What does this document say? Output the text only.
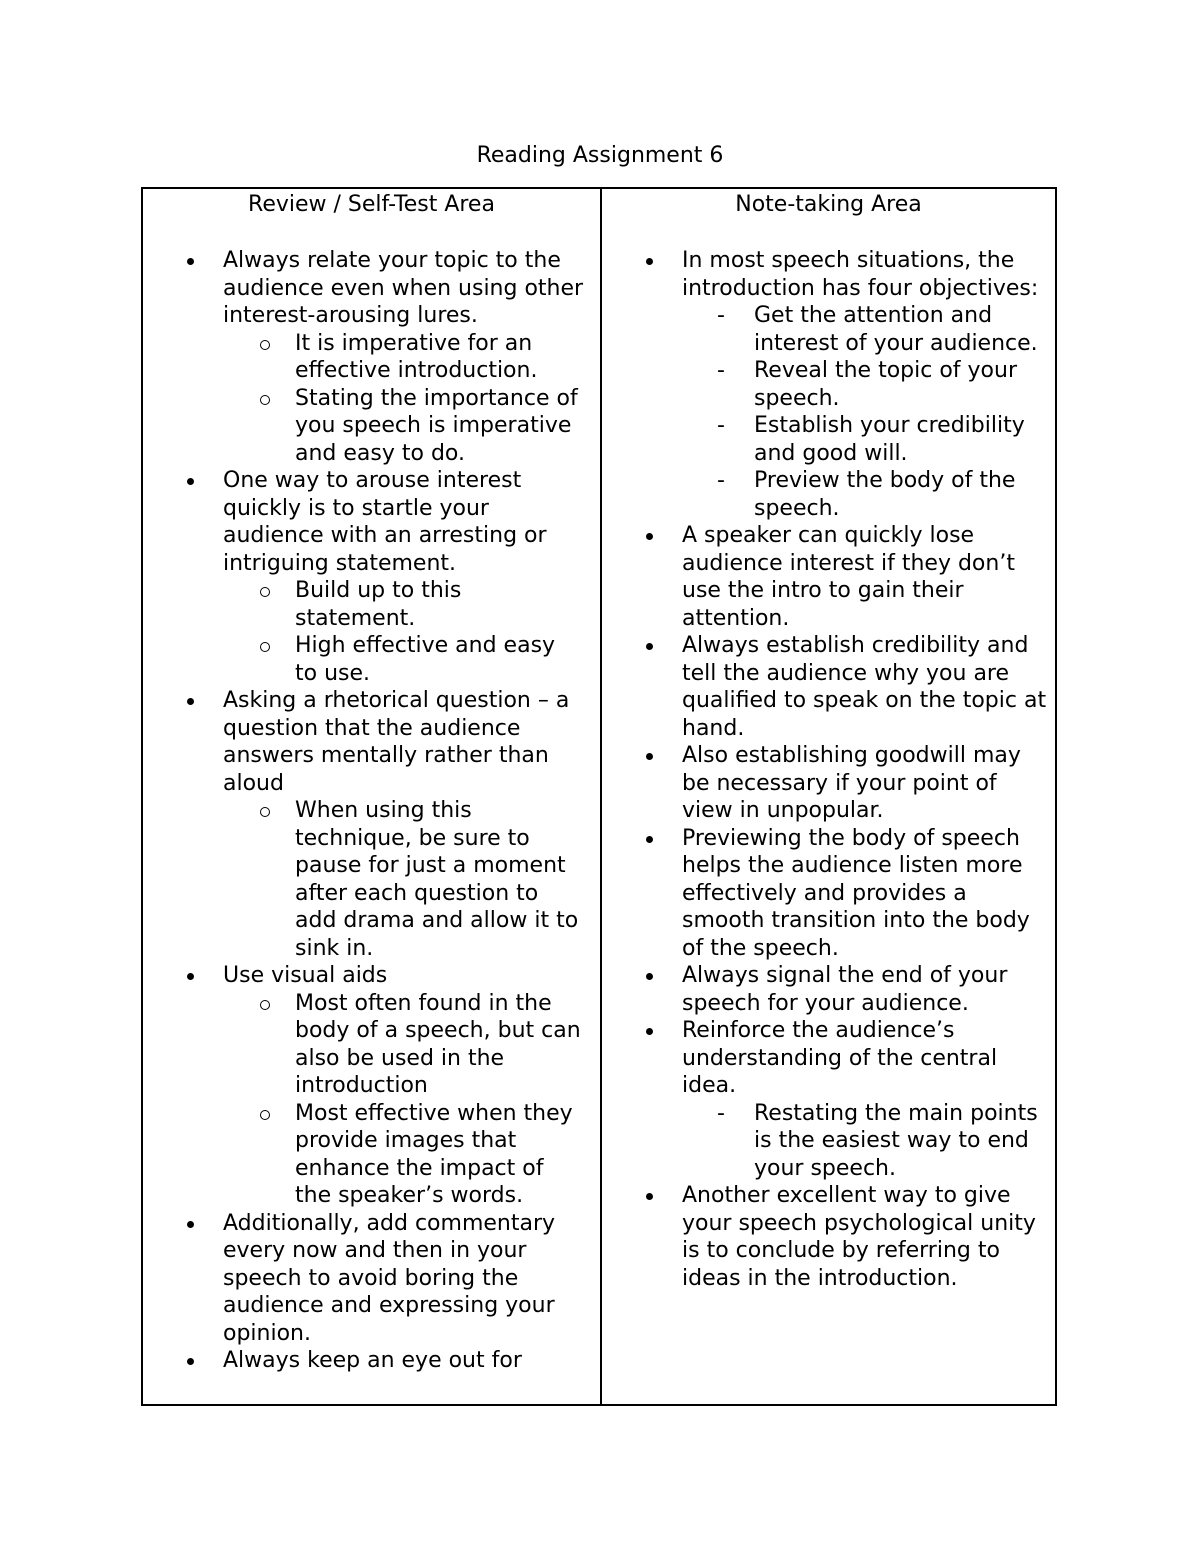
Reading Assignment 6
Review / Self-Test Area
Always relate your topic to the audience even when using other interest-arousing lures.
It is imperative for an effective introduction.
Stating the importance of you speech is imperative and easy to do.
One way to arouse interest quickly is to startle your audience with an arresting or intriguing statement.
Build up to this statement.
High effective and easy to use.
Asking a rhetorical question – a question that the audience answers mentally rather than aloud
When using this technique, be sure to pause for just a moment after each question to add drama and allow it to sink in.
Use visual aids
Most often found in the body of a speech, but can also be used in the introduction
Most effective when they provide images that enhance the impact of the speaker’s words.
Additionally, add commentary every now and then in your speech to avoid boring the audience and expressing your opinion.
Always keep an eye out for
Note-taking Area
In most speech situations, the introduction has four objectives:
- Get the attention and interest of your audience.
- Reveal the topic of your speech.
- Establish your credibility and good will.
- Preview the body of the speech.
A speaker can quickly lose audience interest if they don’t use the intro to gain their attention.
Always establish credibility and tell the audience why you are qualified to speak on the topic at hand.
Also establishing goodwill may be necessary if your point of view in unpopular.
Previewing the body of speech helps the audience listen more effectively and provides a smooth transition into the body of the speech.
Always signal the end of your speech for your audience.
Reinforce the audience’s understanding of the central idea.
- Restating the main points is the easiest way to end your speech.
Another excellent way to give your speech psychological unity is to conclude by referring to ideas in the introduction.
